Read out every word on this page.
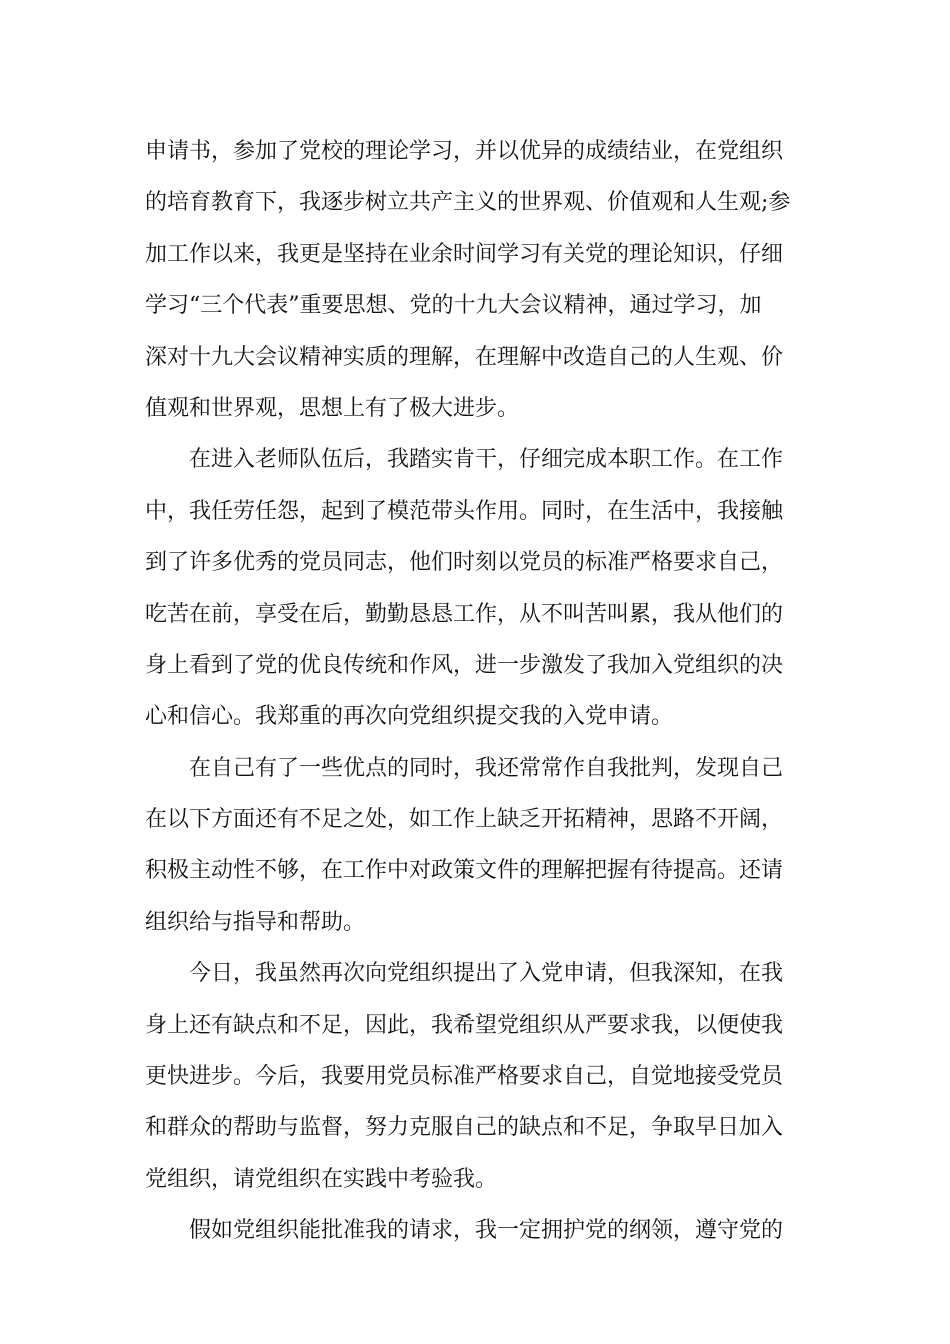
申请书，参加了党校的理论学习，并以优异的成绩结业，在党组织
的培育教育下，我逐步树立共产主义的世界观、价值观和人生观;参
加工作以来，我更是坚持在业余时间学习有关党的理论知识，仔细
学习“三个代表”重要思想、党的十九大会议精神，通过学习，加
深对十九大会议精神实质的理解，在理解中改造自己的人生观、价
值观和世界观，思想上有了极大进步。
在进入老师队伍后，我踏实肯干，仔细完成本职工作。在工作
中，我任劳任怨，起到了模范带头作用。同时，在生活中，我接触
到了许多优秀的党员同志，他们时刻以党员的标准严格要求自己，
吃苦在前，享受在后，勤勤恳恳工作，从不叫苦叫累，我从他们的
身上看到了党的优良传统和作风，进一步激发了我加入党组织的决
心和信心。我郑重的再次向党组织提交我的入党申请。
在自己有了一些优点的同时，我还常常作自我批判，发现自己
在以下方面还有不足之处，如工作上缺乏开拓精神，思路不开阔，
积极主动性不够，在工作中对政策文件的理解把握有待提高。还请
组织给与指导和帮助。
今日，我虽然再次向党组织提出了入党申请，但我深知，在我
身上还有缺点和不足，因此，我希望党组织从严要求我，以便使我
更快进步。今后，我要用党员标准严格要求自己，自觉地接受党员
和群众的帮助与监督，努力克服自己的缺点和不足，争取早日加入
党组织，请党组织在实践中考验我。
假如党组织能批准我的请求，我一定拥护党的纲领，遵守党的
